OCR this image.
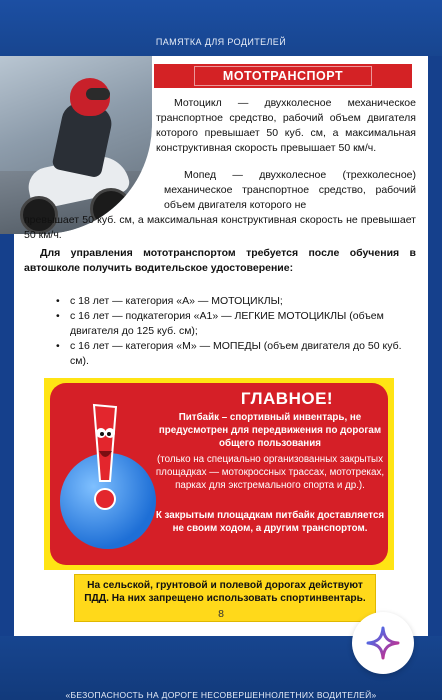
ПАМЯТКА ДЛЯ РОДИТЕЛЕЙ
МОТОТРАНСПОРТ

Мотоцикл — двухколесное механическое транспортное средство, рабочий объем двигателя которого превышает 50 куб. см, а максимальная конструктивная скорость превышает 50 км/ч.

Мопед — двухколесное (трехколесное) механическое транспортное средство, рабочий объем двигателя которого не
превышает 50 куб. см, а максимальная конструктивная скорость не превышает 50 км/ч.

Для управления мототранспортом требуется после обучения в автошколе получить водительское удостоверение:

• с 18 лет — категория «А» — МОТОЦИКЛЫ;
• с 16 лет — подкатегория «А1» — ЛЕГКИЕ МОТОЦИКЛЫ (объем двигателя до 125 куб. см);
• с 16 лет — категория «М» — МОПЕДЫ (объем двигателя до 50 куб. см).
ГЛАВНОЕ!

Питбайк – спортивный инвентарь, не предусмотрен для передвижения по дорогам общего пользования

(только на специально организованных закрытых площадках — мотокроссных трассах, мототреках, парках для экстремального спорта и др.).

К закрытым площадкам питбайк доставляется не своим ходом, а другим транспортом.

На сельской, грунтовой и полевой дорогах действуют ПДД. На них запрещено использовать спортинвентарь.

8
«БЕЗОПАСНОСТЬ НА ДОРОГЕ НЕСОВЕРШЕННОЛЕТНИХ ВОДИТЕЛЕЙ»
